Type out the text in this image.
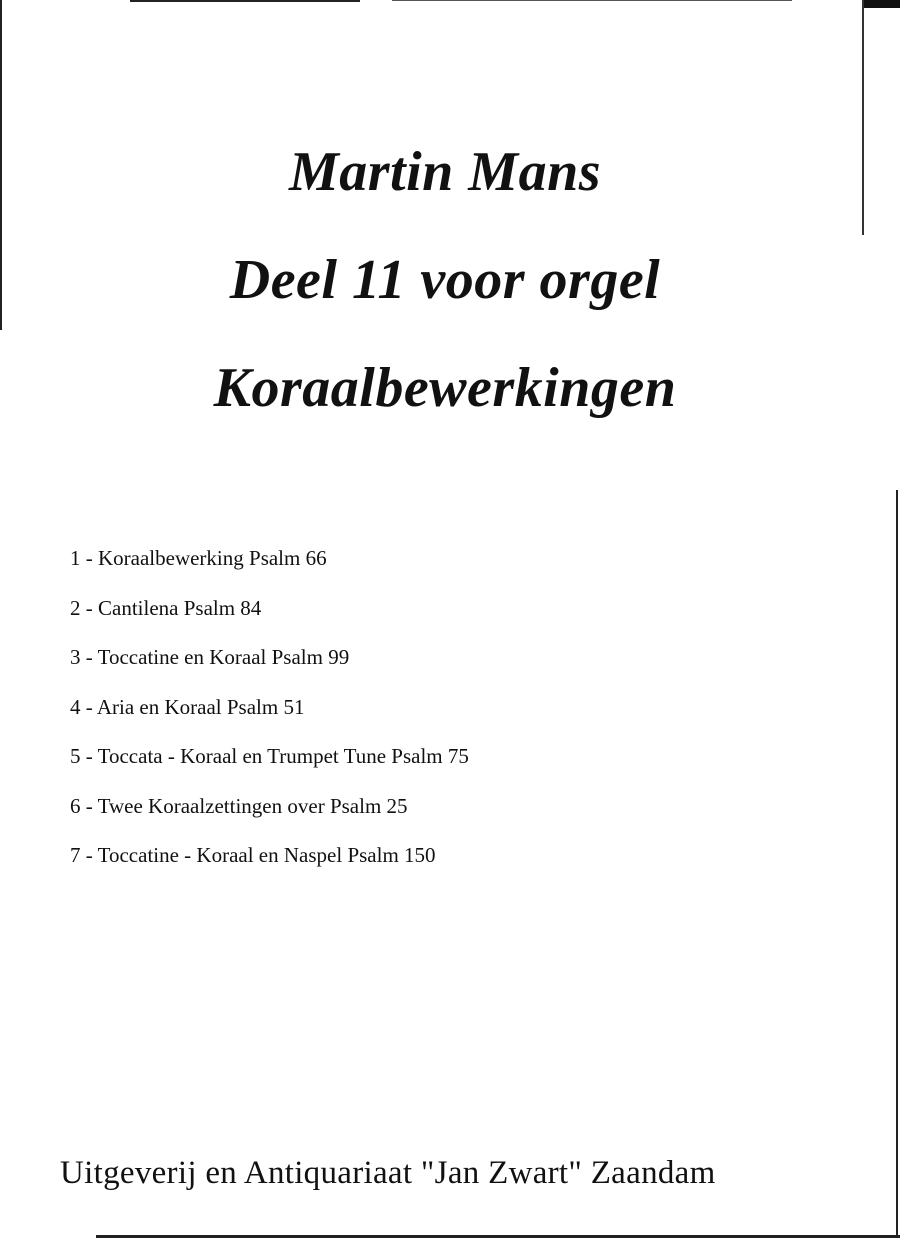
Martin Mans

Deel 11 voor orgel

Koraalbewerkingen

1 - Koraalbewerking Psalm 66
2 - Cantilena Psalm 84
3 - Toccatine en Koraal Psalm 99
4 - Aria en Koraal Psalm 51
5 - Toccata - Koraal en Trumpet Tune Psalm 75
6 - Twee Koraalzettingen over Psalm 25
7 - Toccatine - Koraal en Naspel Psalm 150
Uitgeverij en Antiquariaat "Jan Zwart" Zaandam
